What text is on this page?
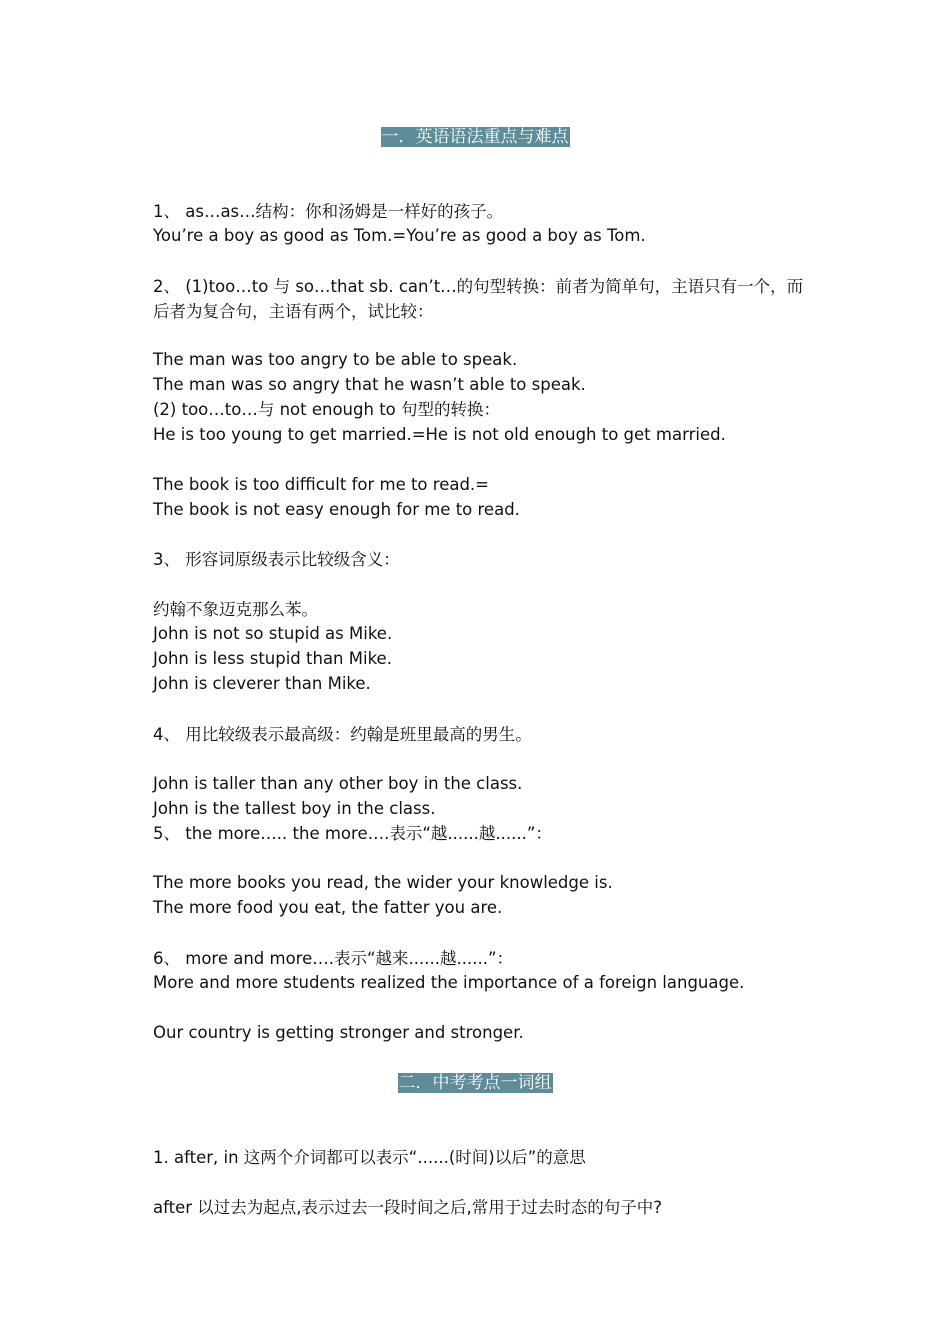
一．英语语法重点与难点
1、 as…as…结构：你和汤姆是一样好的孩子。
You’re a boy as good as Tom.=You’re as good a boy as Tom.
2、 (1)too…to 与 so…that sb. can’t…的句型转换：前者为简单句，主语只有一个，而后者为复合句，主语有两个，试比较：
The man was too angry to be able to speak.
The man was so angry that he wasn’t able to speak.
(2) too…to…与 not enough to 句型的转换：
He is too young to get married.=He is not old enough to get married.
The book is too difficult for me to read.=
The book is not easy enough for me to read.
3、 形容词原级表示比较级含义：
约翰不象迈克那么苯。
John is not so stupid as Mike.
John is less stupid than Mike.
John is cleverer than Mike.
4、 用比较级表示最高级：约翰是班里最高的男生。
John is taller than any other boy in the class.
John is the tallest boy in the class.
5、 the more….. the more….表示“越......越......”：
The more books you read, the wider your knowledge is.
The more food you eat, the fatter you are.
6、 more and more….表示“越来......越......”：
More and more students realized the importance of a foreign language.
Our country is getting stronger and stronger.
二．中考考点一词组
1. after, in 这两个介词都可以表示“......(时间)以后”的意思
after 以过去为起点,表示过去一段时间之后,常用于过去时态的句子中?
